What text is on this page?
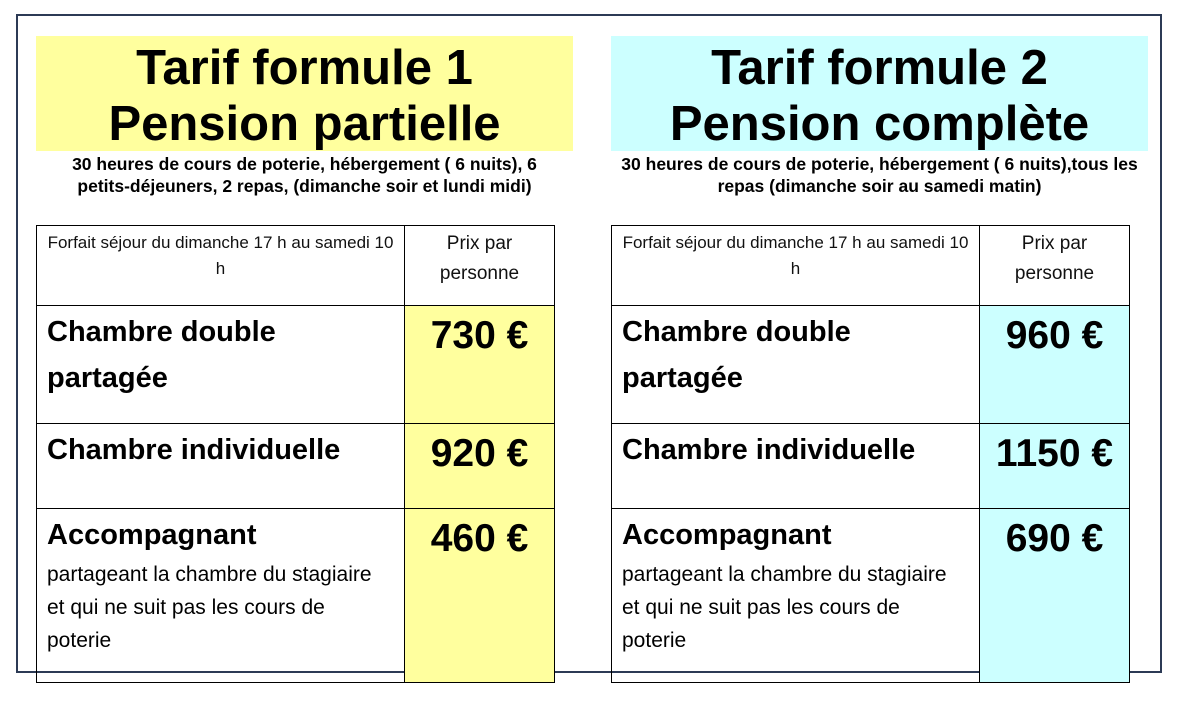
Tarif formule 1
Pension partielle
30 heures de cours de poterie, hébergement ( 6 nuits), 6 petits-déjeuners, 2 repas, (dimanche soir et lundi midi)
Forfait séjour du dimanche 17 h au samedi 10 h	Prix par personne
Chambre double partagée	730 €
Chambre individuelle	920 €
Accompagnant
partageant la chambre du stagiaire et qui ne suit pas les cours de poterie	460 €
Tarif formule 2
Pension complète
30 heures de cours de poterie, hébergement ( 6 nuits),tous les repas (dimanche soir au samedi matin)
Forfait séjour du dimanche 17 h au samedi 10 h	Prix par personne
Chambre double partagée	960 €
Chambre individuelle	1150 €
Accompagnant
partageant la chambre du stagiaire et qui ne suit pas les cours de poterie	690 €
